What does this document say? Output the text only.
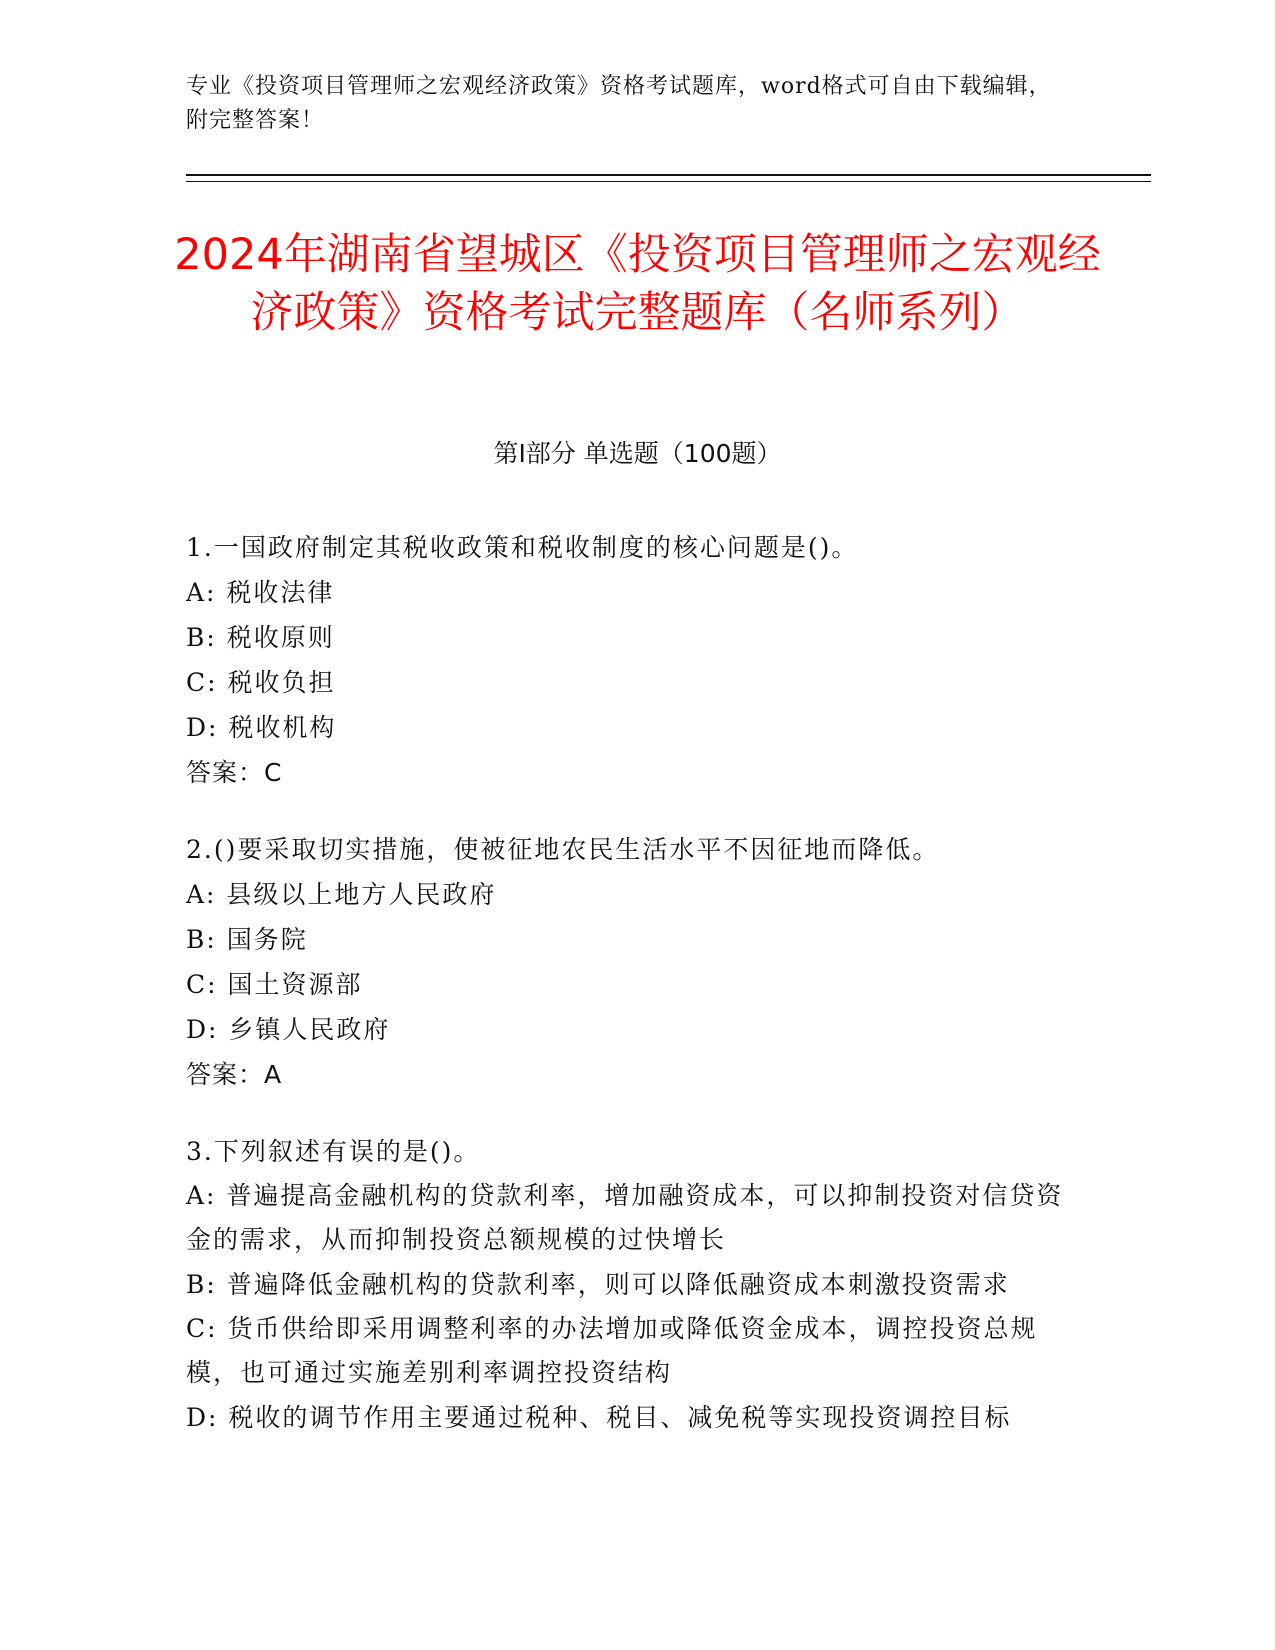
专业《投资项目管理师之宏观经济政策》资格考试题库，word格式可自由下载编辑，附完整答案！
2024年湖南省望城区《投资项目管理师之宏观经济政策》资格考试完整题库（名师系列）
第I部分 单选题（100题）
1.一国政府制定其税收政策和税收制度的核心问题是()。
A: 税收法律
B: 税收原则
C: 税收负担
D: 税收机构
答案：C
2.()要采取切实措施，使被征地农民生活水平不因征地而降低。
A: 县级以上地方人民政府
B: 国务院
C: 国土资源部
D: 乡镇人民政府
答案：A
3.下列叙述有误的是()。
A: 普遍提高金融机构的贷款利率，增加融资成本，可以抑制投资对信贷资金的需求，从而抑制投资总额规模的过快增长
B: 普遍降低金融机构的贷款利率，则可以降低融资成本刺激投资需求
C: 货币供给即采用调整利率的办法增加或降低资金成本，调控投资总规模，也可通过实施差别利率调控投资结构
D: 税收的调节作用主要通过税种、税目、减免税等实现投资调控目标
